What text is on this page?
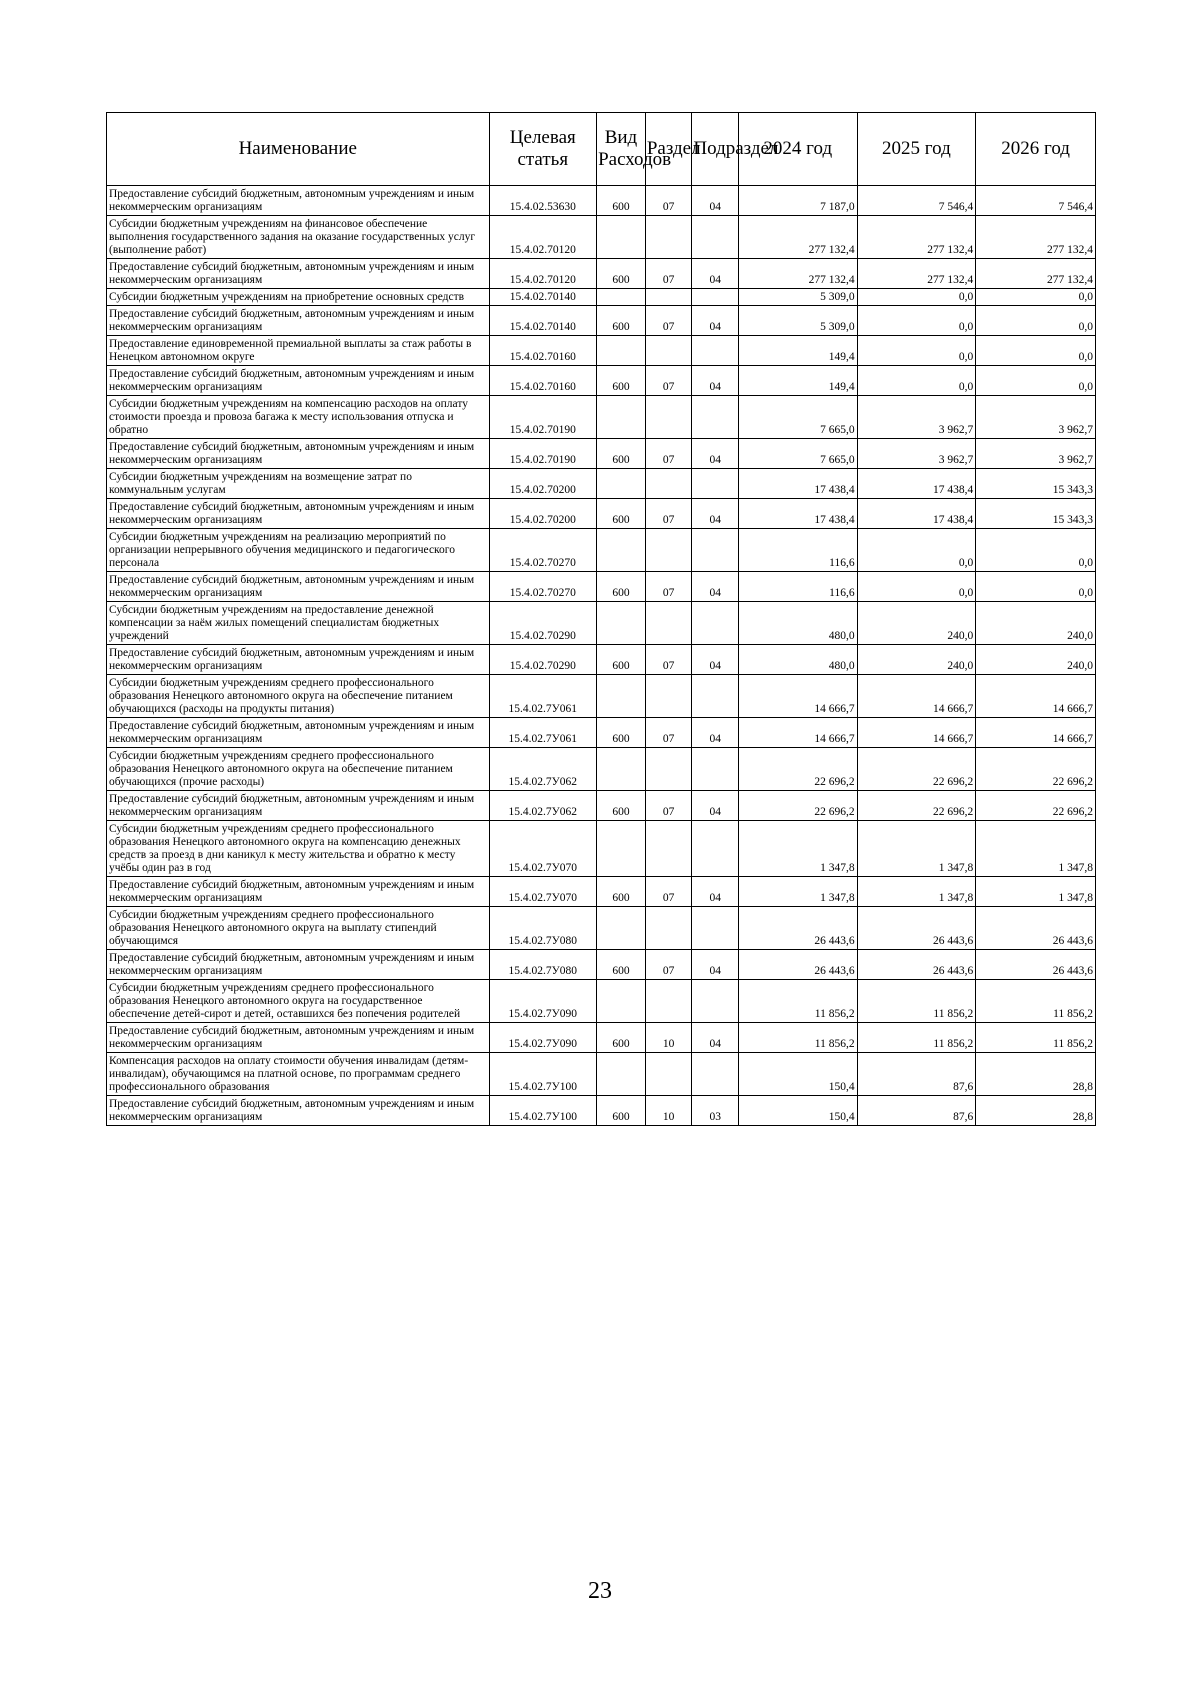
Наименование	Целевая статья	Вид Расходов	Раздел	Подраздел	2024 год	2025 год	2026 год
Предоставление субсидий бюджетным, автономным учреждениям и иным некоммерческим организациям	15.4.02.53630	600	07	04	7 187,0	7 546,4	7 546,4
Субсидии бюджетным учреждениям на финансовое обеспечение выполнения государственного задания на оказание государственных услуг (выполнение работ)	15.4.02.70120				277 132,4	277 132,4	277 132,4
Предоставление субсидий бюджетным, автономным учреждениям и иным некоммерческим организациям	15.4.02.70120	600	07	04	277 132,4	277 132,4	277 132,4
Субсидии бюджетным учреждениям на приобретение основных средств	15.4.02.70140				5 309,0	0,0	0,0
Предоставление субсидий бюджетным, автономным учреждениям и иным некоммерческим организациям	15.4.02.70140	600	07	04	5 309,0	0,0	0,0
Предоставление единовременной премиальной выплаты за стаж работы в Ненецком автономном округе	15.4.02.70160				149,4	0,0	0,0
Предоставление субсидий бюджетным, автономным учреждениям и иным некоммерческим организациям	15.4.02.70160	600	07	04	149,4	0,0	0,0
Субсидии бюджетным учреждениям на компенсацию расходов на оплату стоимости проезда и провоза багажа к месту использования отпуска и обратно	15.4.02.70190				7 665,0	3 962,7	3 962,7
Предоставление субсидий бюджетным, автономным учреждениям и иным некоммерческим организациям	15.4.02.70190	600	07	04	7 665,0	3 962,7	3 962,7
Субсидии бюджетным учреждениям на возмещение затрат по коммунальным услугам	15.4.02.70200				17 438,4	17 438,4	15 343,3
Предоставление субсидий бюджетным, автономным учреждениям и иным некоммерческим организациям	15.4.02.70200	600	07	04	17 438,4	17 438,4	15 343,3
Субсидии бюджетным учреждениям на реализацию мероприятий по организации непрерывного обучения медицинского и педагогического персонала	15.4.02.70270				116,6	0,0	0,0
Предоставление субсидий бюджетным, автономным учреждениям и иным некоммерческим организациям	15.4.02.70270	600	07	04	116,6	0,0	0,0
Субсидии бюджетным учреждениям на предоставление денежной компенсации за наём жилых помещений специалистам бюджетных учреждений	15.4.02.70290				480,0	240,0	240,0
Предоставление субсидий бюджетным, автономным учреждениям и иным некоммерческим организациям	15.4.02.70290	600	07	04	480,0	240,0	240,0
Субсидии бюджетным учреждениям среднего профессионального образования Ненецкого автономного округа на обеспечение питанием обучающихся (расходы на продукты питания)	15.4.02.7У061				14 666,7	14 666,7	14 666,7
Предоставление субсидий бюджетным, автономным учреждениям и иным некоммерческим организациям	15.4.02.7У061	600	07	04	14 666,7	14 666,7	14 666,7
Субсидии бюджетным учреждениям среднего профессионального образования Ненецкого автономного округа на обеспечение питанием обучающихся (прочие расходы)	15.4.02.7У062				22 696,2	22 696,2	22 696,2
Предоставление субсидий бюджетным, автономным учреждениям и иным некоммерческим организациям	15.4.02.7У062	600	07	04	22 696,2	22 696,2	22 696,2
Субсидии бюджетным учреждениям среднего профессионального образования Ненецкого автономного округа на компенсацию денежных средств за проезд в дни каникул к месту жительства и обратно к месту учёбы один раз в год	15.4.02.7У070				1 347,8	1 347,8	1 347,8
Предоставление субсидий бюджетным, автономным учреждениям и иным некоммерческим организациям	15.4.02.7У070	600	07	04	1 347,8	1 347,8	1 347,8
Субсидии бюджетным учреждениям среднего профессионального образования Ненецкого автономного округа на выплату стипендий обучающимся	15.4.02.7У080				26 443,6	26 443,6	26 443,6
Предоставление субсидий бюджетным, автономным учреждениям и иным некоммерческим организациям	15.4.02.7У080	600	07	04	26 443,6	26 443,6	26 443,6
Субсидии бюджетным учреждениям среднего профессионального образования Ненецкого автономного округа на государственное обеспечение детей-сирот и детей, оставшихся без попечения родителей	15.4.02.7У090				11 856,2	11 856,2	11 856,2
Предоставление субсидий бюджетным, автономным учреждениям и иным некоммерческим организациям	15.4.02.7У090	600	10	04	11 856,2	11 856,2	11 856,2
Компенсация расходов на оплату стоимости обучения инвалидам (детям-инвалидам), обучающимся на платной основе, по программам среднего профессионального образования	15.4.02.7У100				150,4	87,6	28,8
Предоставление субсидий бюджетным, автономным учреждениям и иным некоммерческим организациям	15.4.02.7У100	600	10	03	150,4	87,6	28,8
23
